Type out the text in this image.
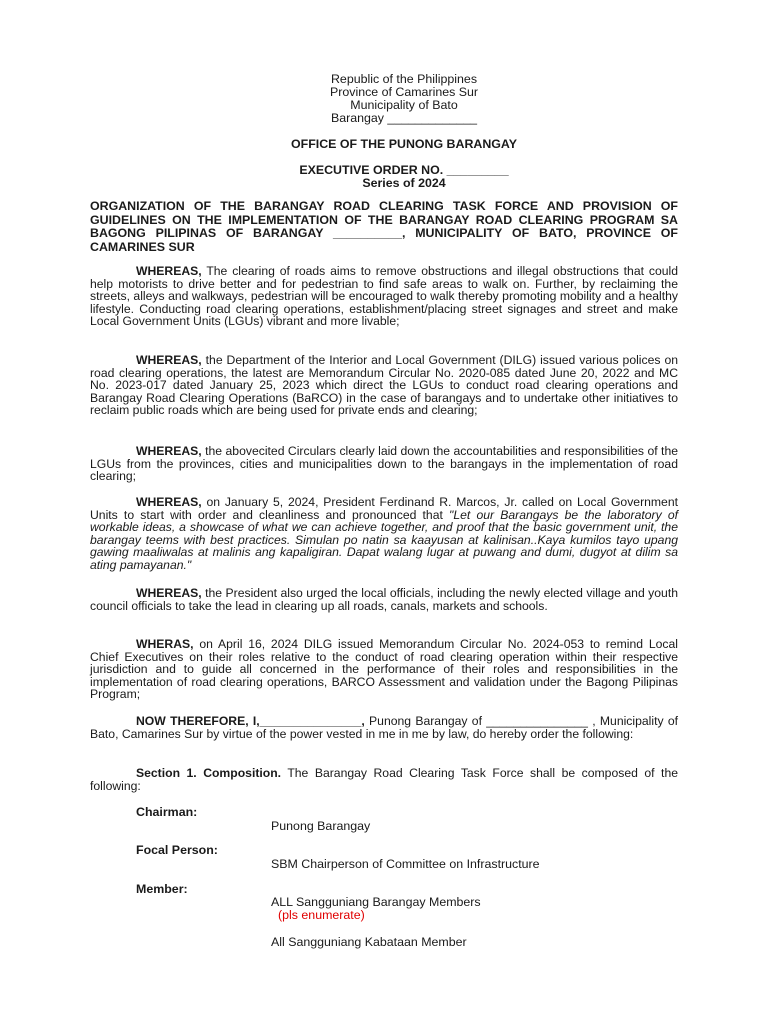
Republic of the Philippines
Province of Camarines Sur
Municipality of Bato
Barangay _____________
OFFICE OF THE PUNONG BARANGAY
EXECUTIVE ORDER NO. _________
Series of 2024
ORGANIZATION OF THE BARANGAY ROAD CLEARING TASK FORCE AND PROVISION OF GUIDELINES ON THE IMPLEMENTATION OF THE BARANGAY ROAD CLEARING PROGRAM SA BAGONG PILIPINAS OF BARANGAY __________, MUNICIPALITY OF BATO, PROVINCE OF CAMARINES SUR
WHEREAS, The clearing of roads aims to remove obstructions and illegal obstructions that could help motorists to drive better and for pedestrian to find safe areas to walk on. Further, by reclaiming the streets, alleys and walkways, pedestrian will be encouraged to walk thereby promoting mobility and a healthy lifestyle. Conducting road clearing operations, establishment/placing street signages and street and make Local Government Units (LGUs) vibrant and more livable;
WHEREAS, the Department of the Interior and Local Government (DILG) issued various polices on road clearing operations, the latest are Memorandum Circular No. 2020-085 dated June 20, 2022 and MC No. 2023-017 dated January 25, 2023 which direct the LGUs to conduct road clearing operations and Barangay Road Clearing Operations (BaRCO) in the case of barangays and to undertake other initiatives to reclaim public roads which are being used for private ends and clearing;
WHEREAS, the abovecited Circulars clearly laid down the accountabilities and responsibilities of the LGUs from the provinces, cities and municipalities down to the barangays in the implementation of road clearing;
WHEREAS, on January 5, 2024, President Ferdinand R. Marcos, Jr. called on Local Government Units to start with order and cleanliness and pronounced that "Let our Barangays be the laboratory of workable ideas, a showcase of what we can achieve together, and proof that the basic government unit, the barangay teems with best practices. Simulan po natin sa kaayusan at kalinisan..Kaya kumilos tayo upang gawing maaliwalas at malinis ang kapaligiran. Dapat walang lugar at puwang and dumi, dugyot at dilim sa ating pamayanan."
WHEREAS, the President also urged the local officials, including the newly elected village and youth council officials to take the lead in clearing up all roads, canals, markets and schools.
WHERAS, on April 16, 2024 DILG issued Memorandum Circular No. 2024-053 to remind Local Chief Executives on their roles relative to the conduct of road clearing operation within their respective jurisdiction and to guide all concerned in the performance of their roles and responsibilities in the implementation of road clearing operations, BARCO Assessment and validation under the Bagong Pilipinas Program;
NOW THEREFORE, I,_______________, Punong Barangay of _______________ , Municipality of Bato, Camarines Sur by virtue of the power vested in me in me by law, do hereby order the following:
Section 1. Composition. The Barangay Road Clearing Task Force shall be composed of the following:
Chairman:
Punong Barangay
Focal Person:
SBM Chairperson of Committee on Infrastructure
Member:
ALL Sangguniang Barangay Members
(pls enumerate)
All Sangguniang Kabataan Member
